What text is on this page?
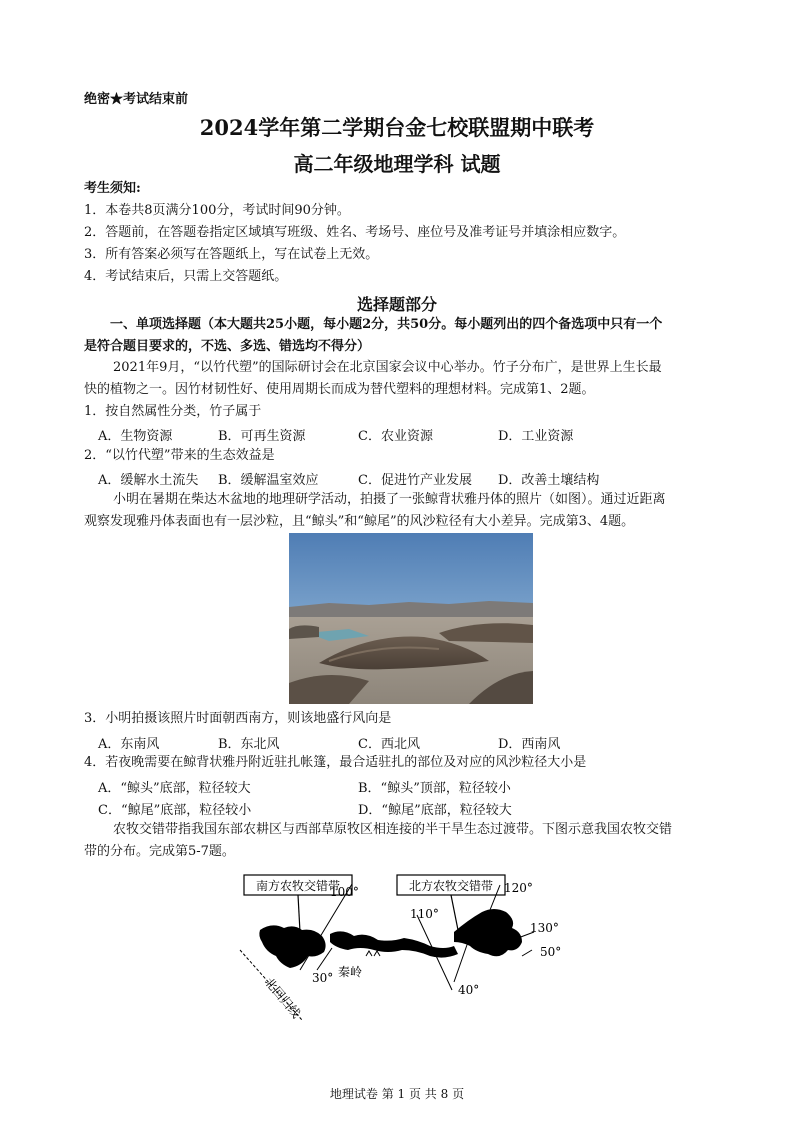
绝密★考试结束前
2024学年第二学期台金七校联盟期中联考
高二年级地理学科 试题
考生须知:
1．本卷共8页满分100分，考试时间90分钟。
2．答题前，在答题卷指定区域填写班级、姓名、考场号、座位号及准考证号并填涂相应数字。
3．所有答案必须写在答题纸上，写在试卷上无效。
4．考试结束后，只需上交答题纸。
选择题部分
一、单项选择题（本大题共25小题，每小题2分，共50分。每小题列出的四个备选项中只有一个
是符合题目要求的，不选、多选、错选均不得分）
2021年9月，“以竹代塑”的国际研讨会在北京国家会议中心举办。竹子分布广，是世界上生长最
快的植物之一。因竹材韧性好、使用周期长而成为替代塑料的理想材料。完成第1、2题。
1．按自然属性分类，竹子属于
A．生物资源	B．可再生资源	C．农业资源	D．工业资源
2．“以竹代塑”带来的生态效益是
A．缓解水土流失 B．缓解温室效应	C．促进竹产业发展 D．改善土壤结构
小明在暑期在柴达木盆地的地理研学活动，拍摄了一张鲸背状雅丹体的照片（如图）。通过近距离
观察发现雅丹体表面也有一层沙粒，且“鲸头”和“鲸尾”的风沙粒径有大小差异。完成第3、4题。
3．小明拍摄该照片时面朝西南方，则该地盛行风向是
A．东南风	B．东北风	C．西北风	D．西南风
4．若夜晚需要在鲸背状雅丹附近驻扎帐篷，最合适驻扎的部位及对应的风沙粒径大小是
A．“鲸头”底部，粒径较大	B．“鲸头”顶部，粒径较小
C．“鲸尾”底部，粒径较小	D．“鲸尾”底部，粒径较大
农牧交错带指我国东部农耕区与西部草原牧区相连接的半干旱生态过渡带。下图示意我国农牧交错
带的分布。完成第5-7题。
南方农牧交错带	北方农牧交错带
100°
110°
120°
130°
30°
40°
50°
秦岭
北回归线
地理试卷 第 1 页 共 8 页
